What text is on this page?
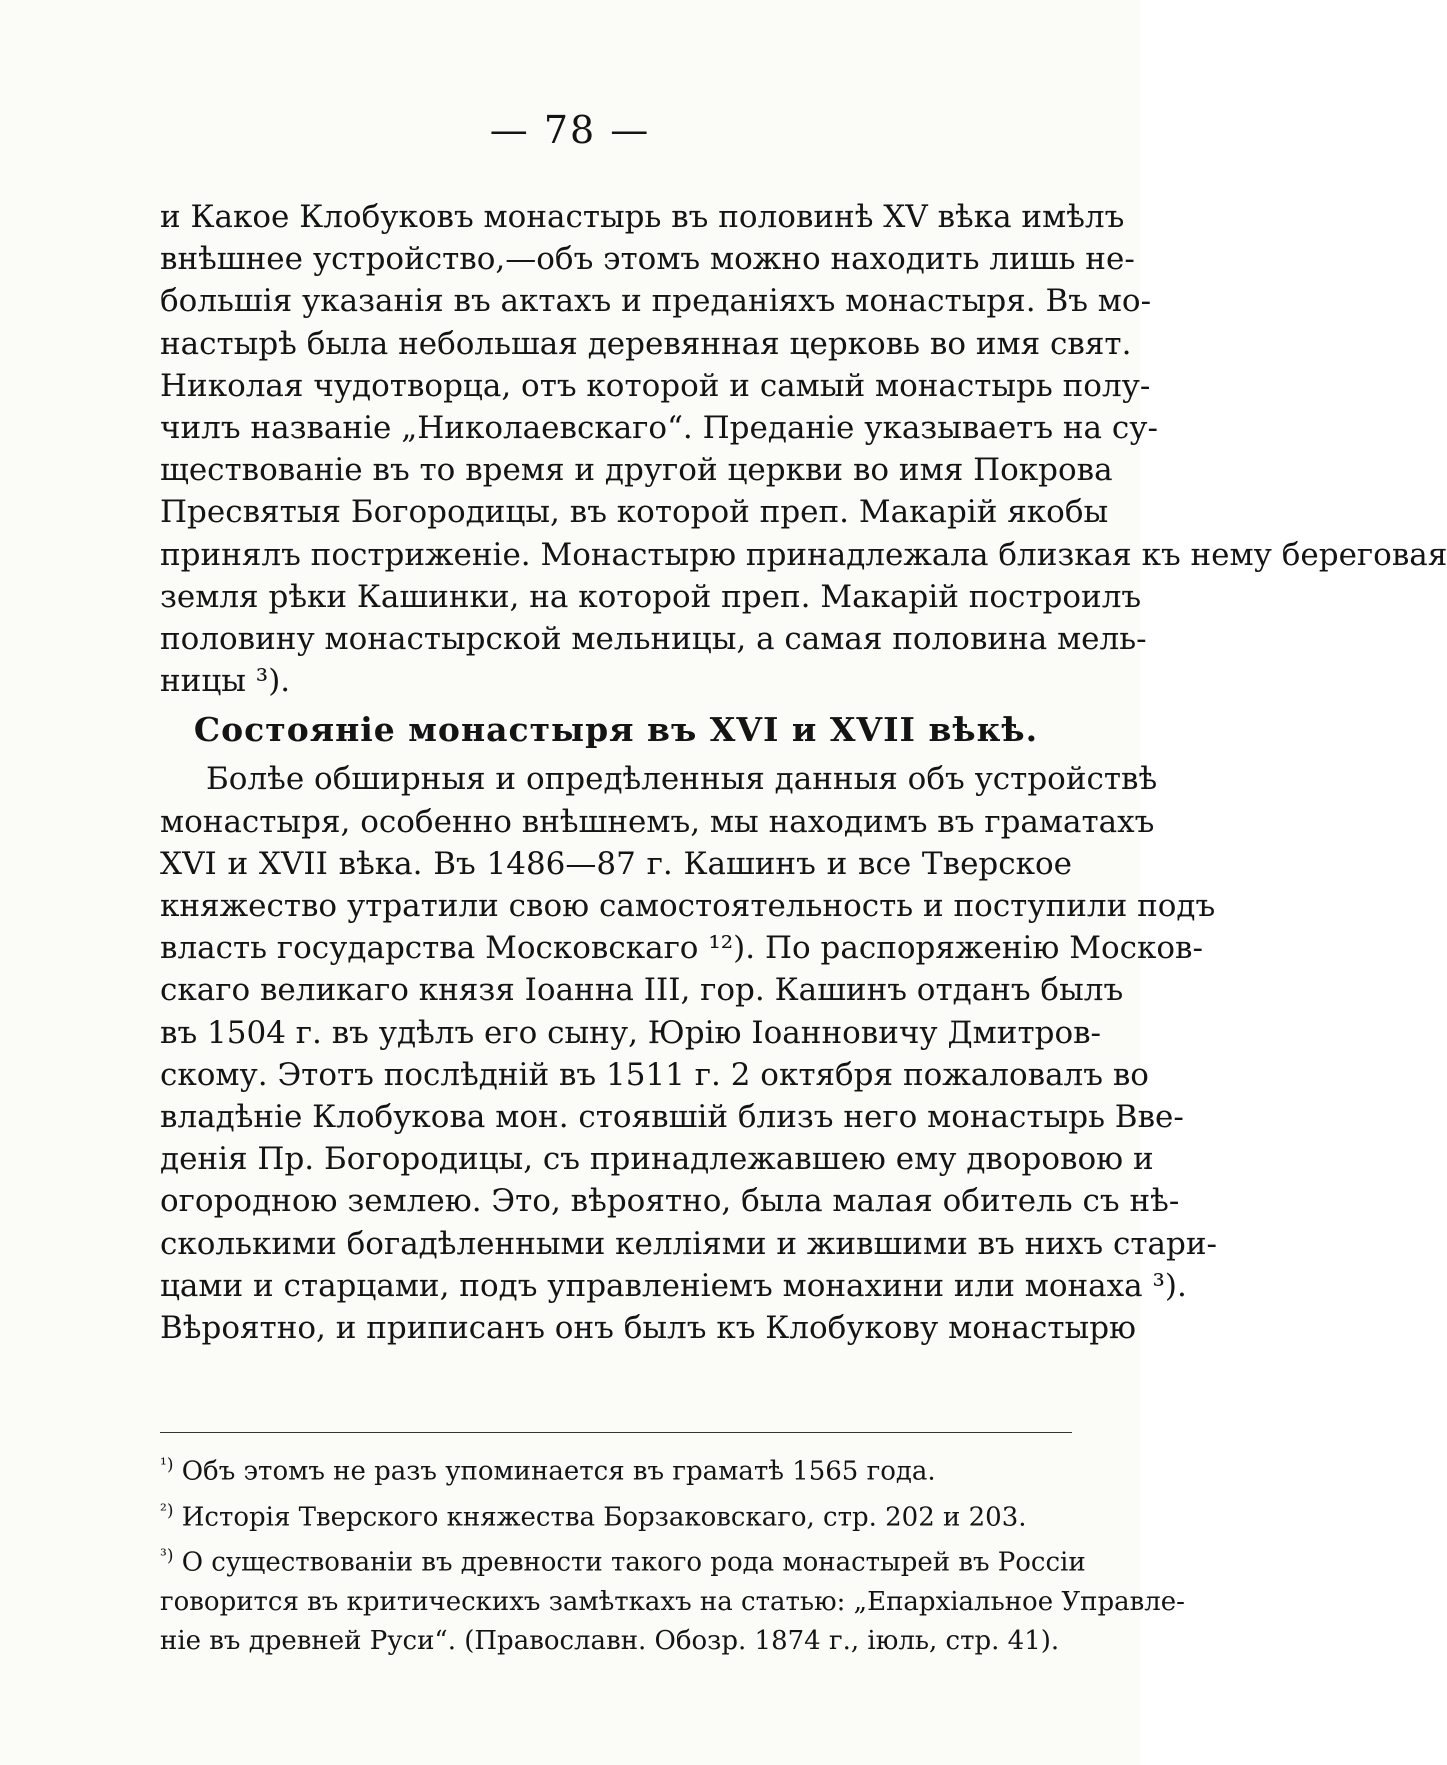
— 78 —
и Какое Клобуковъ монастырь въ половинѣ XV вѣка имѣлъ
внѣшнее устройство,—объ этомъ можно находить лишь не-
большія указанія въ актахъ и преданіяхъ монастыря. Въ мо-
настырѣ была небольшая деревянная церковь во имя свят.
Николая чудотворца, отъ которой и самый монастырь полу-
чилъ названіе „Николаевскаго“. Преданіе указываетъ на су-
ществованіе въ то время и другой церкви во имя Покрова
Пресвятыя Богородицы, въ которой преп. Макарій якобы
принялъ постриженіе. Монастырю принадлежала близкая къ нему береговая
земля рѣки Кашинки, на которой преп. Макарій построилъ
половину монастырской мельницы, а самая половина мель-
ницы ³).
Состояніе монастыря въ XVI и XVII вѣкѣ.
Болѣе обширныя и опредѣленныя данныя объ устройствѣ
монастыря, особенно внѣшнемъ, мы находимъ въ граматахъ
XVI и XVII вѣка. Въ 1486—87 г. Кашинъ и все Тверское
княжество утратили свою самостоятельность и поступили подъ
власть государства Московскаго ¹²). По распоряженію Москов-
скаго великаго князя Іоанна III, гор. Кашинъ отданъ былъ
въ 1504 г. въ удѣлъ его сыну, Юрію Іоанновичу Дмитров-
скому. Этотъ послѣдній въ 1511 г. 2 октября пожаловалъ во
владѣніе Клобукова мон. стоявшій близъ него монастырь Вве-
денія Пр. Богородицы, съ принадлежавшею ему дворовою и
огородною землею. Это, вѣроятно, была малая обитель съ нѣ-
сколькими богадѣленными келліями и жившими въ нихъ стари-
цами и старцами, подъ управленіемъ монахини или монаха ³).
Вѣроятно, и приписанъ онъ былъ къ Клобукову монастырю
$^{^1)}$ Объ этомъ не разъ упоминается въ граматѣ 1565 года.
$^{^2)}$ Исторія Тверского княжества Борзаковскаго, стр. 202 и 203.
$^{^3)}$ О существованіи въ древности такого рода монастырей въ Россіи
говорится въ критическихъ замѣткахъ на статью: „Епархіальное Управле-
ніе въ древней Руси“. (Православн. Обозр. 1874 г., іюль, стр. 41).
